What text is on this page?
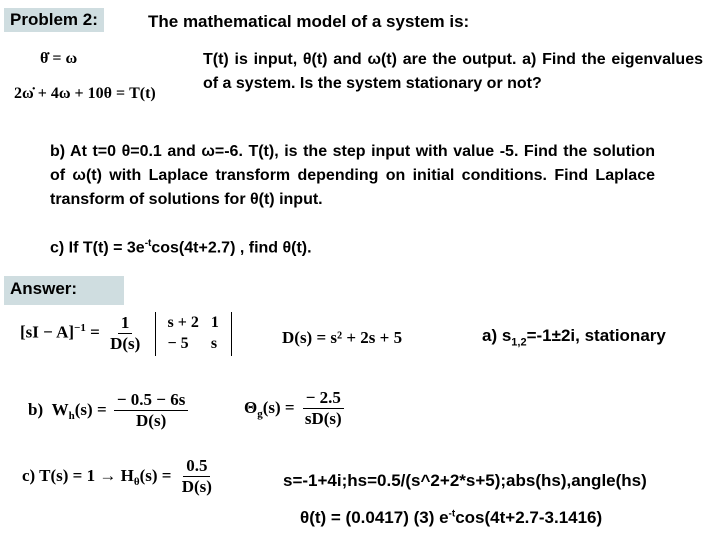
Problem 2:	The mathematical model of a system is:
θ̇ = ω
2ω̇ + 4ω + 10θ = T(t)
T(t) is input, θ(t) and ω(t) are the output. a) Find the eigenvalues of a system. Is the system stationary or not?
b) At t=0 θ=0.1 and ω=-6. T(t), is the step input with value -5. Find the solution of ω(t) with Laplace transform depending on initial conditions. Find Laplace transform of solutions for θ(t) input.
c) If $T(t) = 3e^{-t}\cos(4t+2.7)$ , find θ(t).
Answer:
$[sI - A]^{-1} = \frac{1}{D(s)}$
s + 2	1
− 5	s	D(s) = s² + 2s + 5	a) $s_{1,2}=-1\pm 2i$, stationary
b) $W_h(s) = \frac{- 0.5 - 6s}{D(s)}$	$\Theta_g(s) = \frac{- 2.5}{sD(s)}$
c) $T(s) = 1 \to H_\theta(s) = \frac{0.5}{D(s)}$	s=-1+4i;hs=0.5/(s^2+2*s+5);abs(hs),angle(hs)
θ(t) = (0.0417) (3) $e^{-t}\cos(4t+2.7-3.1416)$
